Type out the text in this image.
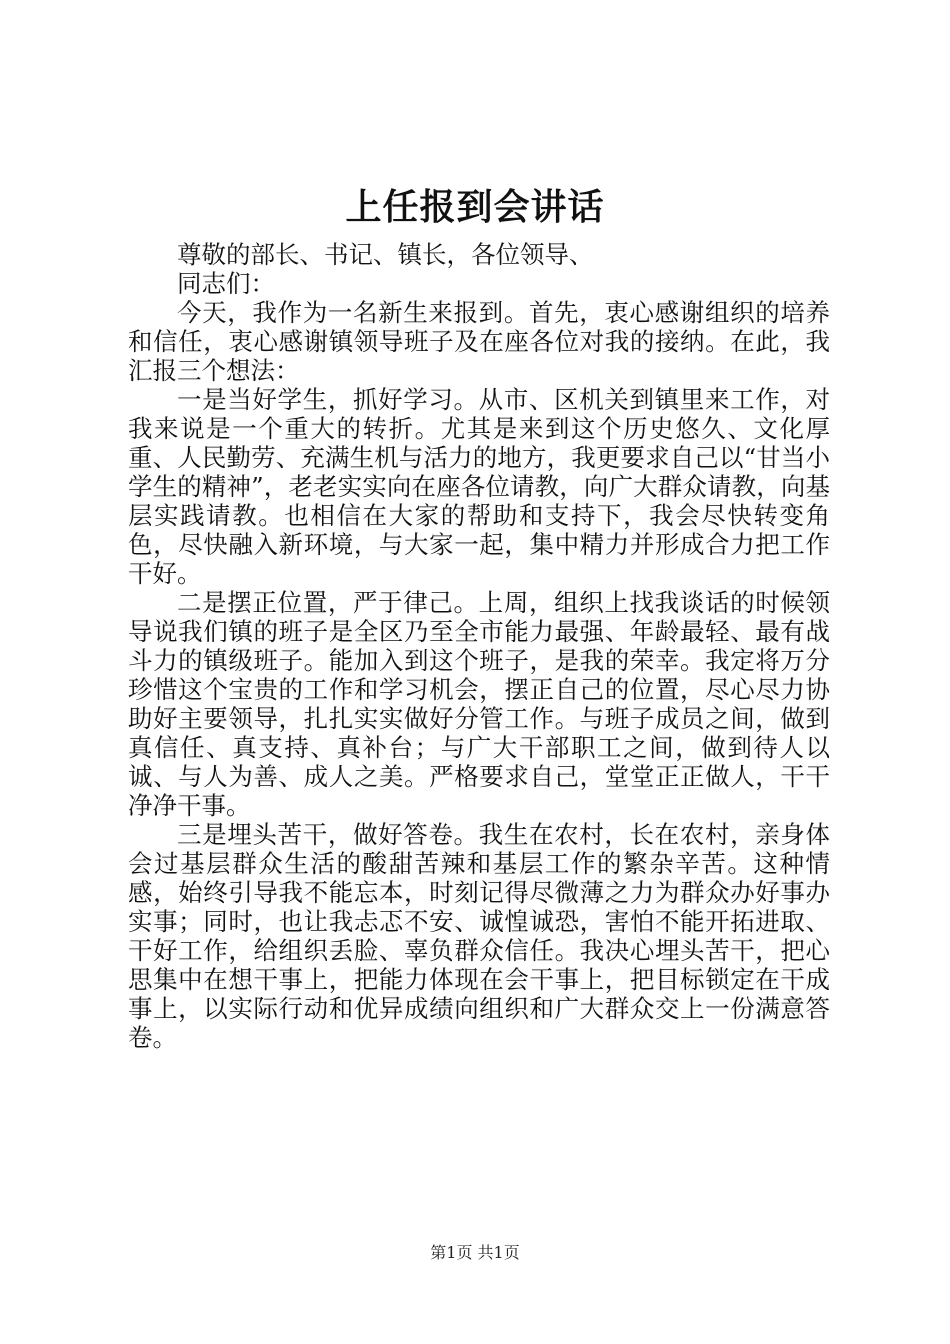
上任报到会讲话

尊敬的部长、书记、镇长，各位领导、

同志们：

今天，我作为一名新生来报到。首先，衷心感谢组织的培养和信任，衷心感谢镇领导班子及在座各位对我的接纳。在此，我汇报三个想法：

一是当好学生，抓好学习。从市、区机关到镇里来工作，对我来说是一个重大的转折。尤其是来到这个历史悠久、文化厚重、人民勤劳、充满生机与活力的地方，我更要求自己以“甘当小学生的精神”，老老实实向在座各位请教，向广大群众请教，向基层实践请教。也相信在大家的帮助和支持下，我会尽快转变角色，尽快融入新环境，与大家一起，集中精力并形成合力把工作干好。

二是摆正位置，严于律己。上周，组织上找我谈话的时候领导说我们镇的班子是全区乃至全市能力最强、年龄最轻、最有战斗力的镇级班子。能加入到这个班子，是我的荣幸。我定将万分珍惜这个宝贵的工作和学习机会，摆正自己的位置，尽心尽力协助好主要领导，扎扎实实做好分管工作。与班子成员之间，做到真信任、真支持、真补台；与广大干部职工之间，做到待人以诚、与人为善、成人之美。严格要求自己，堂堂正正做人，干干净净干事。

三是埋头苦干，做好答卷。我生在农村，长在农村，亲身体会过基层群众生活的酸甜苦辣和基层工作的繁杂辛苦。这种情感，始终引导我不能忘本，时刻记得尽微薄之力为群众办好事办实事；同时，也让我忐忑不安、诚惶诚恐，害怕不能开拓进取、干好工作，给组织丢脸、辜负群众信任。我决心埋头苦干，把心思集中在想干事上，把能力体现在会干事上，把目标锁定在干成事上，以实际行动和优异成绩向组织和广大群众交上一份满意答卷。

第1页 共1页
